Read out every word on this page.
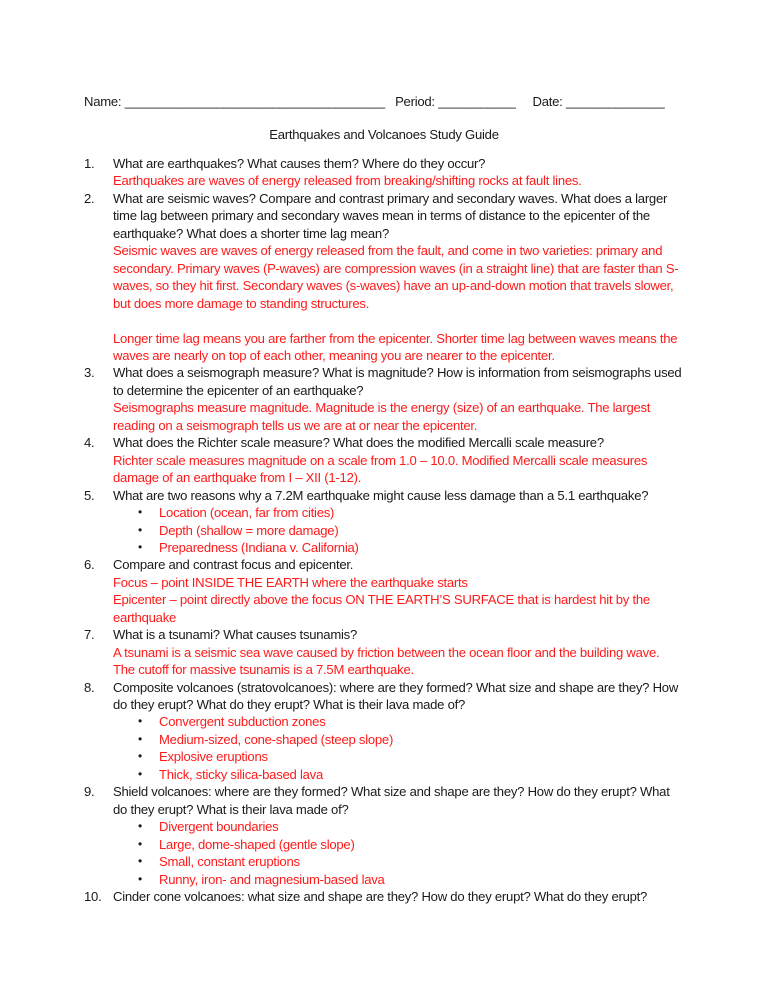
Name: _____________________________________ Period: ___________ Date: ______________
Earthquakes and Volcanoes Study Guide
1. What are earthquakes? What causes them? Where do they occur?
Earthquakes are waves of energy released from breaking/shifting rocks at fault lines.
2. What are seismic waves? Compare and contrast primary and secondary waves. What does a larger time lag between primary and secondary waves mean in terms of distance to the epicenter of the earthquake? What does a shorter time lag mean?
Seismic waves are waves of energy released from the fault, and come in two varieties: primary and secondary. Primary waves (P-waves) are compression waves (in a straight line) that are faster than S-waves, so they hit first. Secondary waves (s-waves) have an up-and-down motion that travels slower, but does more damage to standing structures.
Longer time lag means you are farther from the epicenter. Shorter time lag between waves means the waves are nearly on top of each other, meaning you are nearer to the epicenter.
3. What does a seismograph measure? What is magnitude? How is information from seismographs used to determine the epicenter of an earthquake?
Seismographs measure magnitude. Magnitude is the energy (size) of an earthquake. The largest reading on a seismograph tells us we are at or near the epicenter.
4. What does the Richter scale measure? What does the modified Mercalli scale measure?
Richter scale measures magnitude on a scale from 1.0 – 10.0. Modified Mercalli scale measures damage of an earthquake from I – XII (1-12).
5. What are two reasons why a 7.2M earthquake might cause less damage than a 5.1 earthquake?
• Location (ocean, far from cities)
• Depth (shallow = more damage)
• Preparedness (Indiana v. California)
6. Compare and contrast focus and epicenter.
Focus – point INSIDE THE EARTH where the earthquake starts
Epicenter – point directly above the focus ON THE EARTH’S SURFACE that is hardest hit by the earthquake
7. What is a tsunami? What causes tsunamis?
A tsunami is a seismic sea wave caused by friction between the ocean floor and the building wave. The cutoff for massive tsunamis is a 7.5M earthquake.
8. Composite volcanoes (stratovolcanoes): where are they formed? What size and shape are they? How do they erupt? What do they erupt? What is their lava made of?
• Convergent subduction zones
• Medium-sized, cone-shaped (steep slope)
• Explosive eruptions
• Thick, sticky silica-based lava
9. Shield volcanoes: where are they formed? What size and shape are they? How do they erupt? What do they erupt? What is their lava made of?
• Divergent boundaries
• Large, dome-shaped (gentle slope)
• Small, constant eruptions
• Runny, iron- and magnesium-based lava
10. Cinder cone volcanoes: what size and shape are they? How do they erupt? What do they erupt?
